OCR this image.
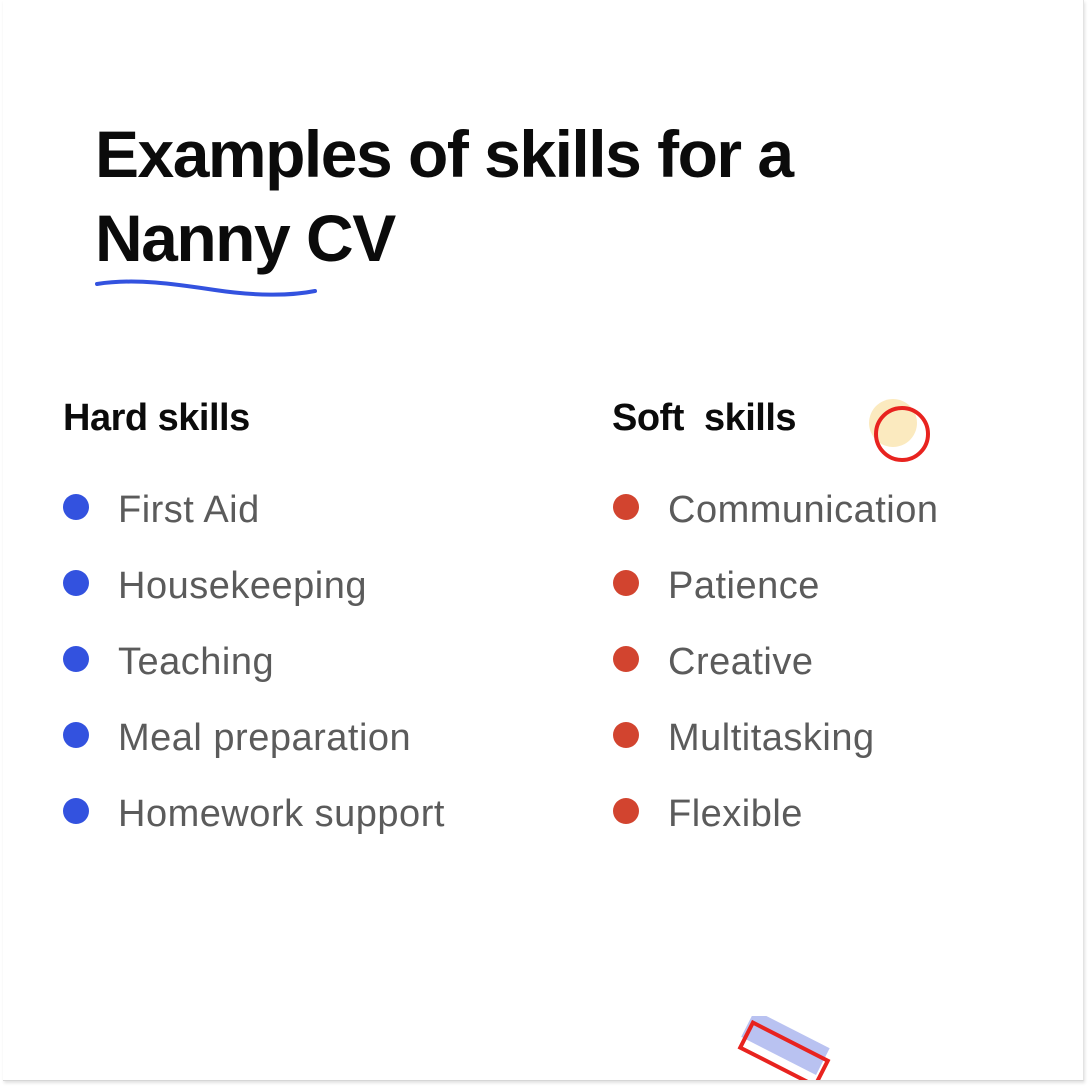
Examples of skills for a
Nanny CV
Hard skills
First Aid
Housekeeping
Teaching
Meal preparation
Homework support
Soft  skills
Communication
Patience
Creative
Multitasking
Flexible
